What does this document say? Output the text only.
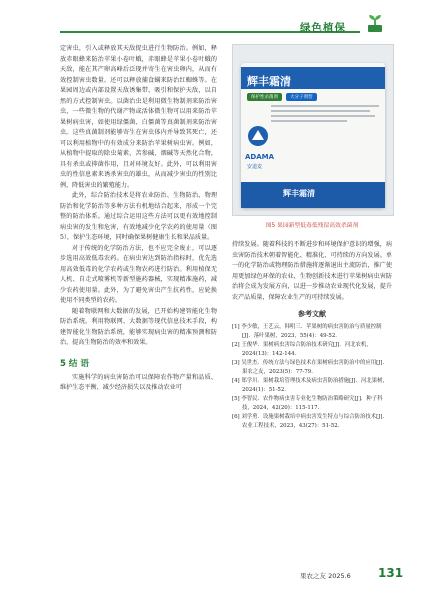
绿色植保

定害虫，引入或释放其天敌捉虫进行生物防治。例如，释放赤眼蜂来防治苹果小卷叶蛾，赤眼蜂是苹果小卷叶蛾的天敌，能在其产卵高峰后泛现并寄生在害虫卵内，从而有效控制害虫数量。还可以释放捕食螨来防治红蜘蛛等。在果园周边或内部设置天敌诱集带、吸引和保护天敌，以自然的方式控制害虫。以菌治虫是利用微生物制剂来防治害虫，一些微生物的代谢产物或活体微生物可以用来防治苹果树病虫害，如使用绿僵菌、白僵菌等真菌制剂来防治害虫。这些真菌制剂能够寄生在害虫体内并导致其死亡，还可以利用植物中的有效成分来防治苹果树病虫害。例如，从植物中提取的除虫菊素、苦参碱、烟碱等天然化合物，具有杀虫或抑菌作用，且对环境友好。此外，可以利用害虫的性信息素来诱杀害虫的雄虫，从而减少害虫的性别比例，降低害虫的繁殖能力。

此外，综合防治技术是将农业防治、生物防治、物理防治和化学防治等多种方法有机地结合起来，形成一个完整的防治体系。通过综合运用这些方法可以更有效地控制病虫害的发生和危害，有效地减少化学农药的使用量（图5），保护生态环境，同时确保果树健康生长和果品质量。

对于传统的化学防治方法，也不应完全废止，可以逐步选用高效低毒农药。在病虫害达到防治指标时，优先选用高效低毒的化学农药或生物农药进行防治。利用植保无人机、自走式喷雾机等新型施药器械，实现精准施药，减少农药使用量。此外，为了避免害虫产生抗药性，应轮换使用不同类型的农药。

随着物联网和大数据的发展，已开始构建智能化生物防治系统。利用物联网、大数据等现代信息技术手段，构建智能化生物防治系统，能够实现病虫害的精准预测和防治，提高生物防治的效率和效果。

5 结 语

实施科学的病虫害防治可以保障农作物产量和品质、维护生态平衡、减少经济损失以及推动农业可

辉丰霜清
保护性杀菌剂	大分子剂型
ADAMA
安道麦
辉丰霜清
图5 果园新型低毒低残留高效杀菌剂

持续发展。随着科技的不断进步和环境保护意识的增强，病虫害防治技术朝着智能化、精准化、可持续的方向发展。单一的化学防治或物理防治措施将逐渐退出主流防治，推广使用更加绿色环保的农业、生物创新技术进行苹果树病虫害防治将会成为发展方向，以进一步推动农业现代化发展，提升农产品质量，保障农业生产的可持续发展。

参考文献

[1] 李少敏，王艺云，韩明三．苹果树的病虫害防治与质量控制[J]．落叶果树，2023，55(4)：49-52．

[2] 王俊华．果树病虫害综合防治技术研究[J]．河北农机，2024(13)：142-144．

[3] 吴世杰．传统方法与绿色技术在果树病虫害防治中的应用[J]．果农之友，2023(5)：77-79．

[4] 郑学川．果树栽培管理技术及病虫害防治措施[J]．河北果树，2024(1)：51-52．

[5] 李智民．农作物病虫害专业化生物防治策略研究[J]．种子科技，2024，42(20)：115-117．

[6] 刘学勇．设施果树栽培中病虫害发生特点与综合防治技术[J]．农业工程技术，2023，43(27)：51-52．

果农之友 2025.6 131
